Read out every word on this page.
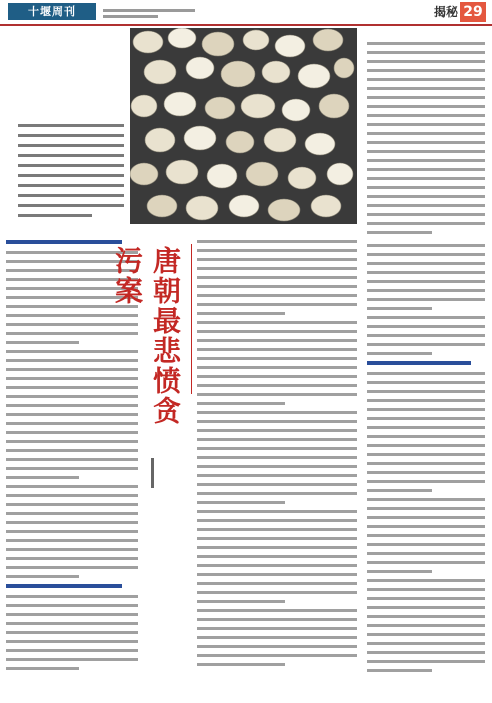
十堰周刊	揭秘 29
唐朝最悲愤贪污案
